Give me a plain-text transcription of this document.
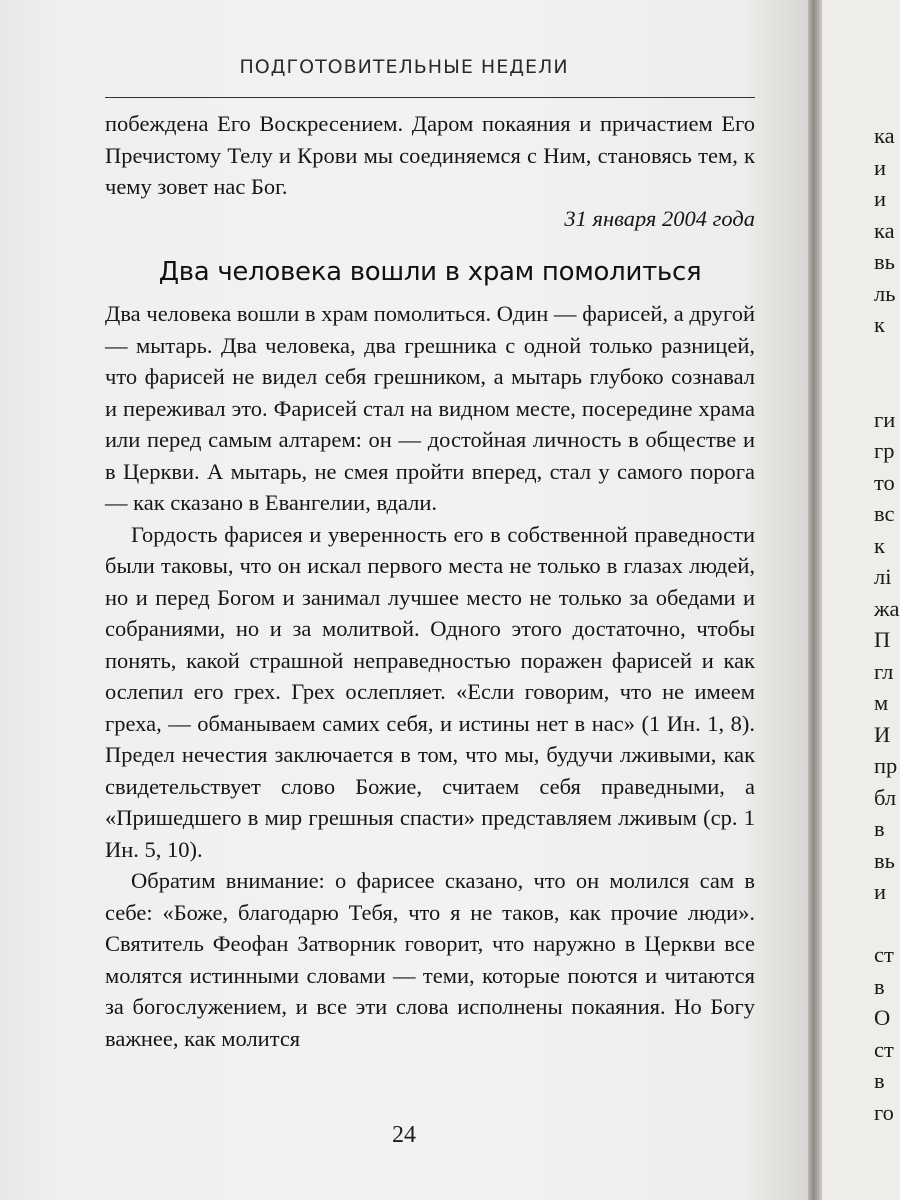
ПОДГОТОВИТЕЛЬНЫЕ НЕДЕЛИ

побеждена Его Воскресением. Даром покаяния и причастием Его Пречистому Телу и Крови мы соединяемся с Ним, становясь тем, к чему зовет нас Бог.

31 января 2004 года

Два человека вошли в храм помолиться

Два человека вошли в храм помолиться. Один — фарисей, а другой — мытарь. Два человека, два грешника с одной только разницей, что фарисей не видел себя грешником, а мытарь глубоко сознавал и переживал это. Фарисей стал на видном месте, посередине храма или перед самым алтарем: он — достойная личность в обществе и в Церкви. А мытарь, не смея пройти вперед, стал у самого порога — как сказано в Евангелии, вдали.

Гордость фарисея и уверенность его в собственной праведности были таковы, что он искал первого места не только в глазах людей, но и перед Богом и занимал лучшее место не только за обедами и собраниями, но и за молитвой. Одного этого достаточно, чтобы понять, какой страшной неправедностью поражен фарисей и как ослепил его грех. Грех ослепляет. «Если говорим, что не имеем греха, — обманываем самих себя, и истины нет в нас» (1 Ин. 1, 8). Предел нечестия заключается в том, что мы, будучи лживыми, как свидетельствует слово Божие, считаем себя праведными, а «Пришедшего в мир грешныя спасти» представляем лживым (ср. 1 Ин. 5, 10).

Обратим внимание: о фарисее сказано, что он молился сам в себе: «Боже, благодарю Тебя, что я не таков, как прочие люди». Святитель Феофан Затворник говорит, что наружно в Церкви все молятся истинными словами — теми, которые поются и читаются за богослужением, и все эти слова исполнены покаяния. Но Богу важнее, как молится

24
ка
и
и
ка
вь
ль
к
ги
гр
то
вс
к
лі
жа
П
гл
м
И
пр
бл
в
вь
и
ст
в
О
ст
в
го
